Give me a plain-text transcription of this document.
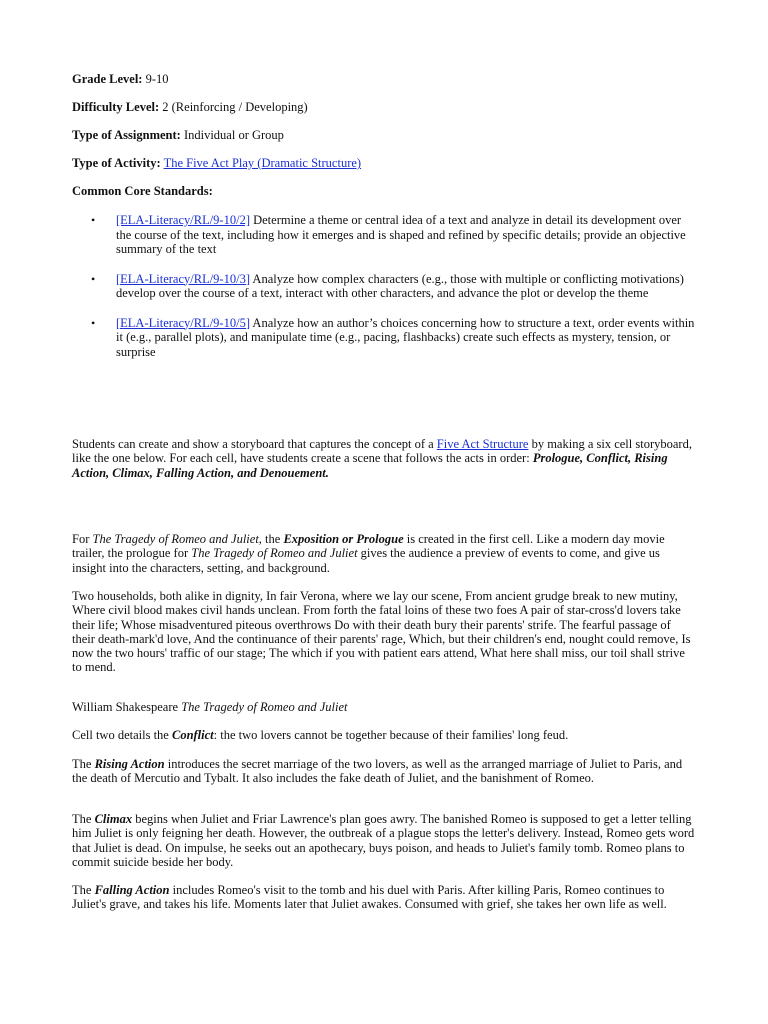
Grade Level: 9-10
Difficulty Level: 2 (Reinforcing / Developing)
Type of Assignment: Individual or Group
Type of Activity: The Five Act Play (Dramatic Structure)
Common Core Standards:
• [ELA-Literacy/RL/9-10/2] Determine a theme or central idea of a text and analyze in detail its development over the course of the text, including how it emerges and is shaped and refined by specific details; provide an objective summary of the text
• [ELA-Literacy/RL/9-10/3] Analyze how complex characters (e.g., those with multiple or conflicting motivations) develop over the course of a text, interact with other characters, and advance the plot or develop the theme
• [ELA-Literacy/RL/9-10/5] Analyze how an author’s choices concerning how to structure a text, order events within it (e.g., parallel plots), and manipulate time (e.g., pacing, flashbacks) create such effects as mystery, tension, or surprise

Students can create and show a storyboard that captures the concept of a Five Act Structure by making a six cell storyboard, like the one below. For each cell, have students create a scene that follows the acts in order: Prologue, Conflict, Rising Action, Climax, Falling Action, and Denouement.

For The Tragedy of Romeo and Juliet, the Exposition or Prologue is created in the first cell. Like a modern day movie trailer, the prologue for The Tragedy of Romeo and Juliet gives the audience a preview of events to come, and give us insight into the characters, setting, and background.

Two households, both alike in dignity, In fair Verona, where we lay our scene, From ancient grudge break to new mutiny, Where civil blood makes civil hands unclean. From forth the fatal loins of these two foes A pair of star-cross'd lovers take their life; Whose misadventured piteous overthrows Do with their death bury their parents' strife. The fearful passage of their death-mark'd love, And the continuance of their parents' rage, Which, but their children's end, nought could remove, Is now the two hours' traffic of our stage; The which if you with patient ears attend, What here shall miss, our toil shall strive to mend.

William Shakespeare The Tragedy of Romeo and Juliet

Cell two details the Conflict: the two lovers cannot be together because of their families' long feud.

The Rising Action introduces the secret marriage of the two lovers, as well as the arranged marriage of Juliet to Paris, and the death of Mercutio and Tybalt. It also includes the fake death of Juliet, and the banishment of Romeo.

The Climax begins when Juliet and Friar Lawrence's plan goes awry. The banished Romeo is supposed to get a letter telling him Juliet is only feigning her death. However, the outbreak of a plague stops the letter's delivery. Instead, Romeo gets word that Juliet is dead. On impulse, he seeks out an apothecary, buys poison, and heads to Juliet's family tomb. Romeo plans to commit suicide beside her body.

The Falling Action includes Romeo's visit to the tomb and his duel with Paris. After killing Paris, Romeo continues to Juliet's grave, and takes his life. Moments later that Juliet awakes. Consumed with grief, she takes her own life as well.
